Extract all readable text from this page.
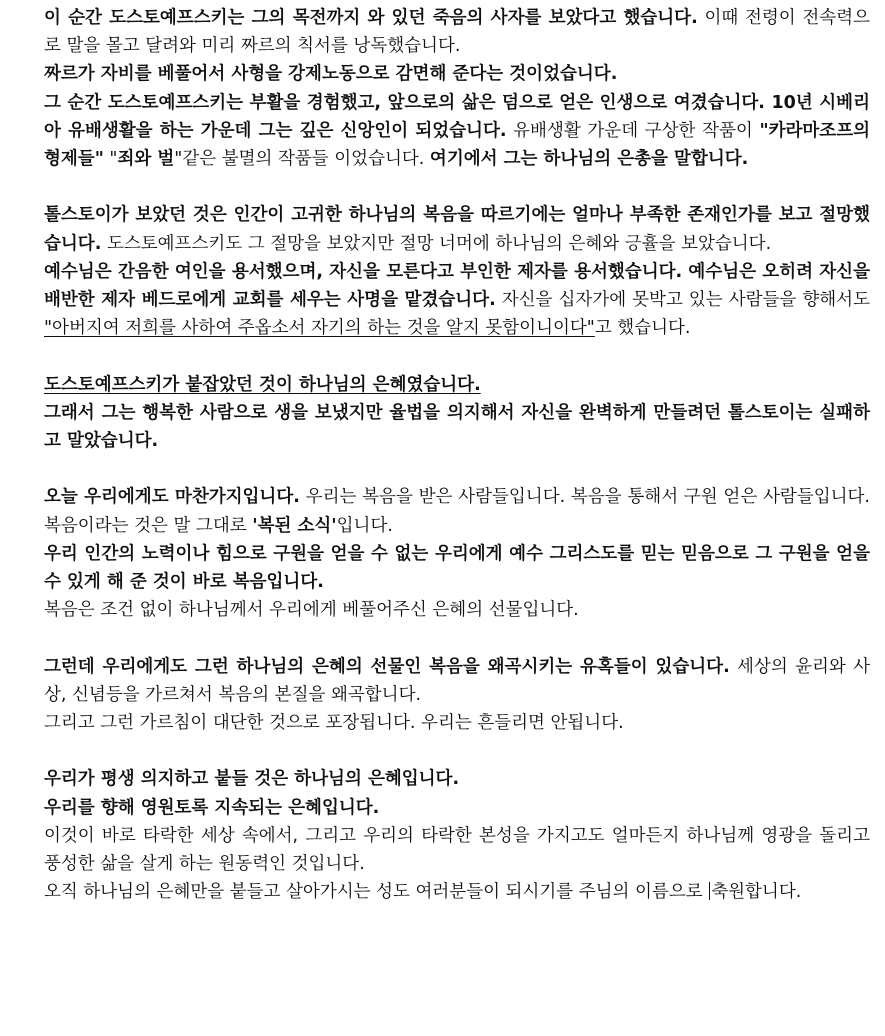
이 순간 도스토예프스키는 그의 목전까지 와 있던 죽음의 사자를 보았다고 했습니다. 이때 전령이 전속력으로 말을 몰고 달려와 미리 짜르의 칙서를 낭독했습니다.

짜르가 자비를 베풀어서 사형을 강제노동으로 감면해 준다는 것이었습니다.

그 순간 도스토예프스키는 부활을 경험했고, 앞으로의 삶은 덤으로 얻은 인생으로 여겼습니다. 10년 시베리아 유배생활을 하는 가운데 그는 깊은 신앙인이 되었습니다. 유배생활 가운데 구상한 작품이 "카라마조프의 형제들" "죄와 벌"같은 불멸의 작품들 이었습니다. 여기에서 그는 하나님의 은총을 말합니다.

톨스토이가 보았던 것은 인간이 고귀한 하나님의 복음을 따르기에는 얼마나 부족한 존재인가를 보고 절망했습니다. 도스토예프스키도 그 절망을 보았지만 절망 너머에 하나님의 은혜와 긍휼을 보았습니다.

예수님은 간음한 여인을 용서했으며, 자신을 모른다고 부인한 제자를 용서했습니다. 예수님은 오히려 자신을 배반한 제자 베드로에게 교회를 세우는 사명을 맡겼습니다. 자신을 십자가에 못박고 있는 사람들을 향해서도 "아버지여 저희를 사하여 주옵소서 자기의 하는 것을 알지 못함이니이다"고 했습니다.

도스토예프스키가 붙잡았던 것이 하나님의 은혜였습니다.

그래서 그는 행복한 사람으로 생을 보냈지만 율법을 의지해서 자신을 완벽하게 만들려던 톨스토이는 실패하고 말았습니다.

오늘 우리에게도 마찬가지입니다. 우리는 복음을 받은 사람들입니다. 복음을 통해서 구원 얻은 사람들입니다. 복음이라는 것은 말 그대로 '복된 소식'입니다.

우리 인간의 노력이나 힘으로 구원을 얻을 수 없는 우리에게 예수 그리스도를 믿는 믿음으로 그 구원을 얻을 수 있게 해 준 것이 바로 복음입니다.

복음은 조건 없이 하나님께서 우리에게 베풀어주신 은혜의 선물입니다.

그런데 우리에게도 그런 하나님의 은혜의 선물인 복음을 왜곡시키는 유혹들이 있습니다. 세상의 윤리와 사상, 신념등을 가르쳐서 복음의 본질을 왜곡합니다.

그리고 그런 가르침이 대단한 것으로 포장됩니다. 우리는 흔들리면 안됩니다.

우리가 평생 의지하고 붙들 것은 하나님의 은혜입니다.

우리를 향해 영원토록 지속되는 은혜입니다.

이것이 바로 타락한 세상 속에서, 그리고 우리의 타락한 본성을 가지고도 얼마든지 하나님께 영광을 돌리고 풍성한 삶을 살게 하는 원동력인 것입니다.

오직 하나님의 은혜만을 붙들고 살아가시는 성도 여러분들이 되시기를 주님의 이름으로 축원합니다.
